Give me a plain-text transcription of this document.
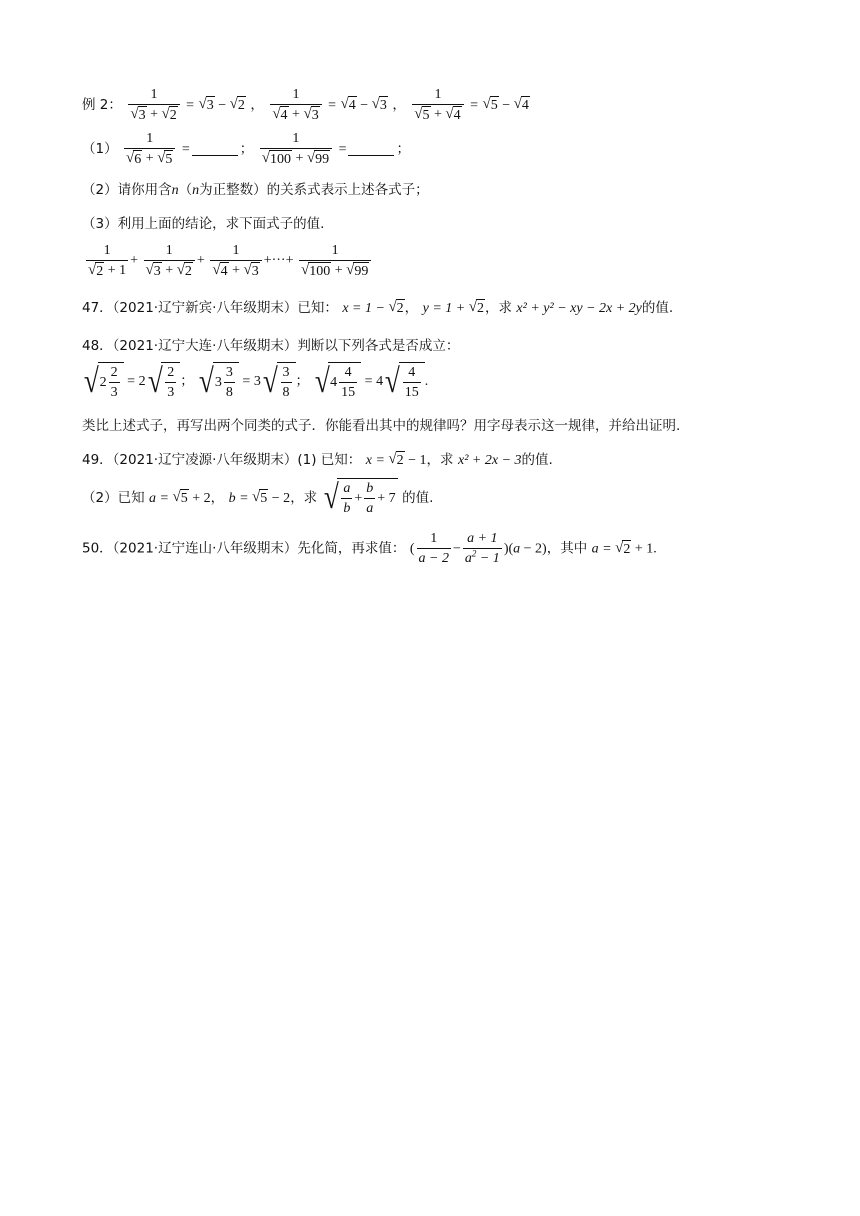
例 2： $\frac{1}{√ 3 + √ 2}$ = √ 3 − √ 2 ， $\frac{1}{√ 4 + √ 3}$ = √ 4 − √ 3 ， $\frac{1}{√ 5 + √ 4}$ = √ 5 − √ 4
$(1) \frac{1}{√ 6 + √ 5}$ =	； $\frac{1}{√ 100 + √ 99}$ =	；
（2）请你用含n（n为正整数）的关系式表示上述各式子；
（3）利用上面的结论，求下面式子的值.
$\frac{1}{√ 2 + 1} + \frac{1}{√ 3 + √ 2} + \frac{1}{√ 4 + √ 3}$ +···+ $\frac{1}{√ 100 + √ 99}$
47．（2021·辽宁新宾·八年级期末）已知： x = 1 − √ 2 ， y = 1 + √ 2 ，求 x² + y² − xy − 2x + 2y的值.
48．（2021·辽宁大连·八年级期末）判断以下列各式是否成立：
√ $2 \frac{2}{3} = 2$ √ $\frac{2}{3}$ ； √ $3 \frac{3}{8} = 3$ √ $\frac{3}{8}$ ； √ $4 \frac{4}{15} = 4$ √ $\frac{4}{15}$ .
类比上述式子，再写出两个同类的式子．你能看出其中的规律吗？用字母表示这一规律，并给出证明.
49．（2021·辽宁凌源·八年级期末）(1) 已知： x = √ 2 − 1，求 x² + 2x − 3的值.
（2）已知 a = √ 5 + 2， b = √ 5 − 2，求 √ $\frac{a}{b} + \frac{b}{a} + 7$ 的值.
50．（2021·辽宁连山·八年级期末）先化简，再求值： ( $\frac{1}{a - 2} - \frac{a + 1}{a^2 - 1} )(a - 2)$，其中 a = √ 2 + 1.
